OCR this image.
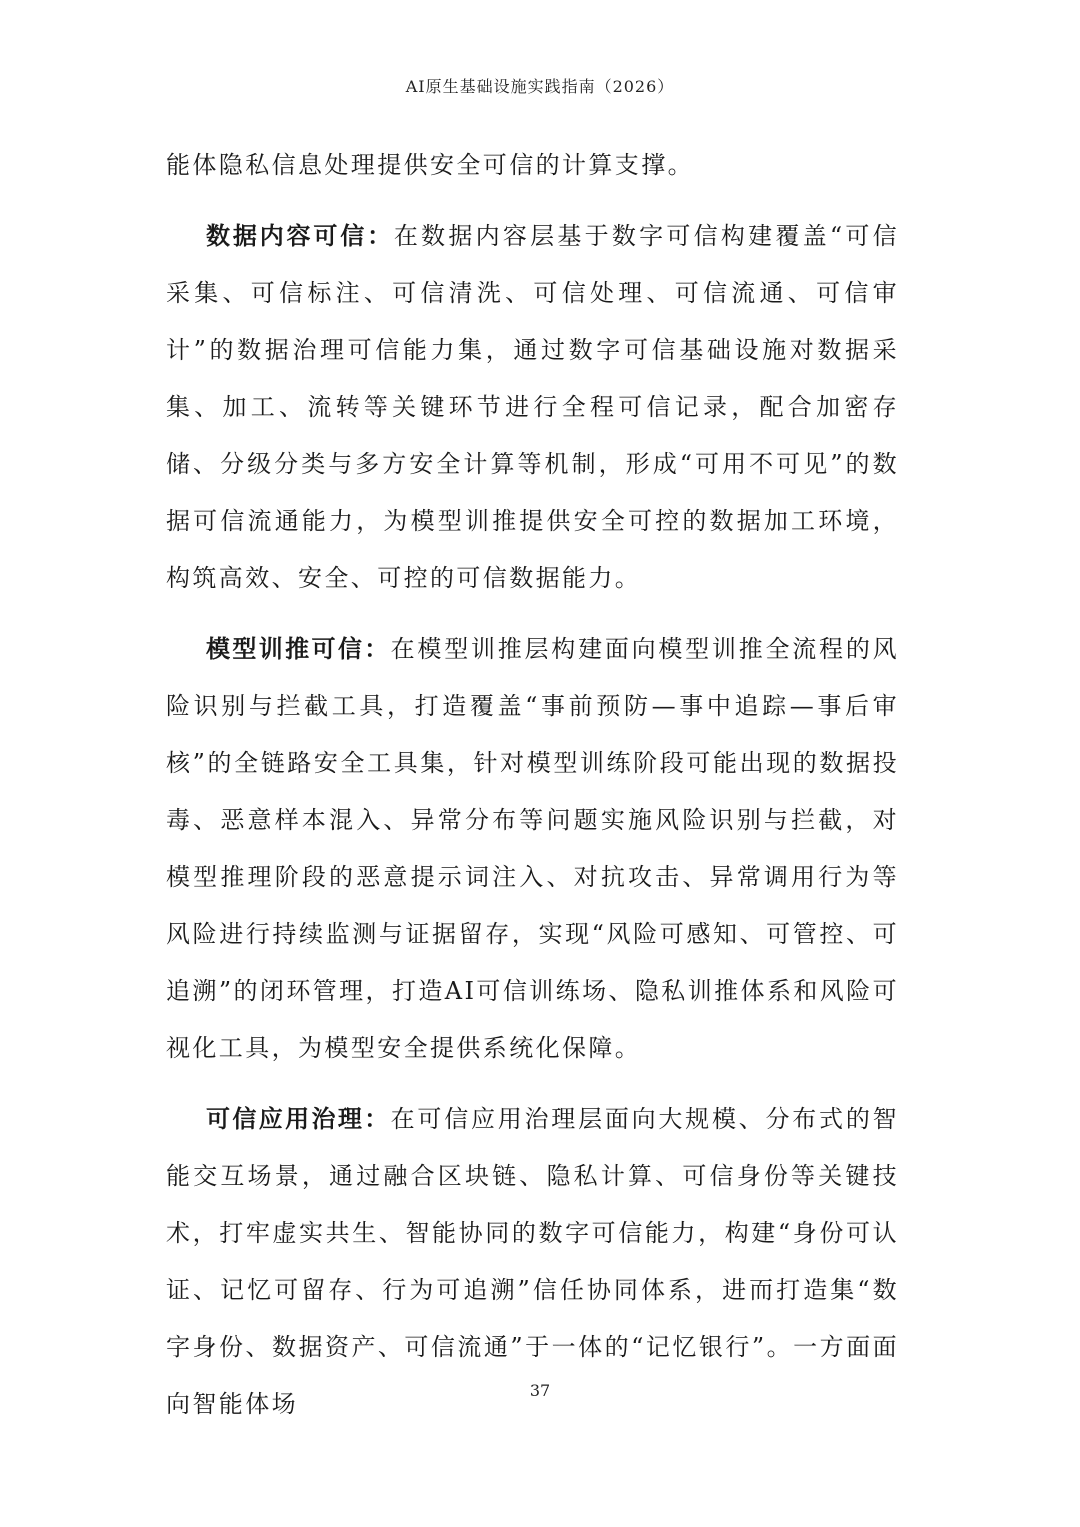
AI原生基础设施实践指南（2026）

能体隐私信息处理提供安全可信的计算支撑。

数据内容可信：在数据内容层基于数字可信构建覆盖“可信采集、可信标注、可信清洗、可信处理、可信流通、可信审计”的数据治理可信能力集，通过数字可信基础设施对数据采集、加工、流转等关键环节进行全程可信记录，配合加密存储、分级分类与多方安全计算等机制，形成“可用不可见”的数据可信流通能力，为模型训推提供安全可控的数据加工环境，构筑高效、安全、可控的可信数据能力。

模型训推可信：在模型训推层构建面向模型训推全流程的风险识别与拦截工具，打造覆盖“事前预防—事中追踪—事后审核”的全链路安全工具集，针对模型训练阶段可能出现的数据投毒、恶意样本混入、异常分布等问题实施风险识别与拦截，对模型推理阶段的恶意提示词注入、对抗攻击、异常调用行为等风险进行持续监测与证据留存，实现“风险可感知、可管控、可追溯”的闭环管理，打造AI可信训练场、隐私训推体系和风险可视化工具，为模型安全提供系统化保障。

可信应用治理：在可信应用治理层面向大规模、分布式的智能交互场景，通过融合区块链、隐私计算、可信身份等关键技术，打牢虚实共生、智能协同的数字可信能力，构建“身份可认证、记忆可留存、行为可追溯”信任协同体系，进而打造集“数字身份、数据资产、可信流通”于一体的“记忆银行”。一方面面向智能体场	37
